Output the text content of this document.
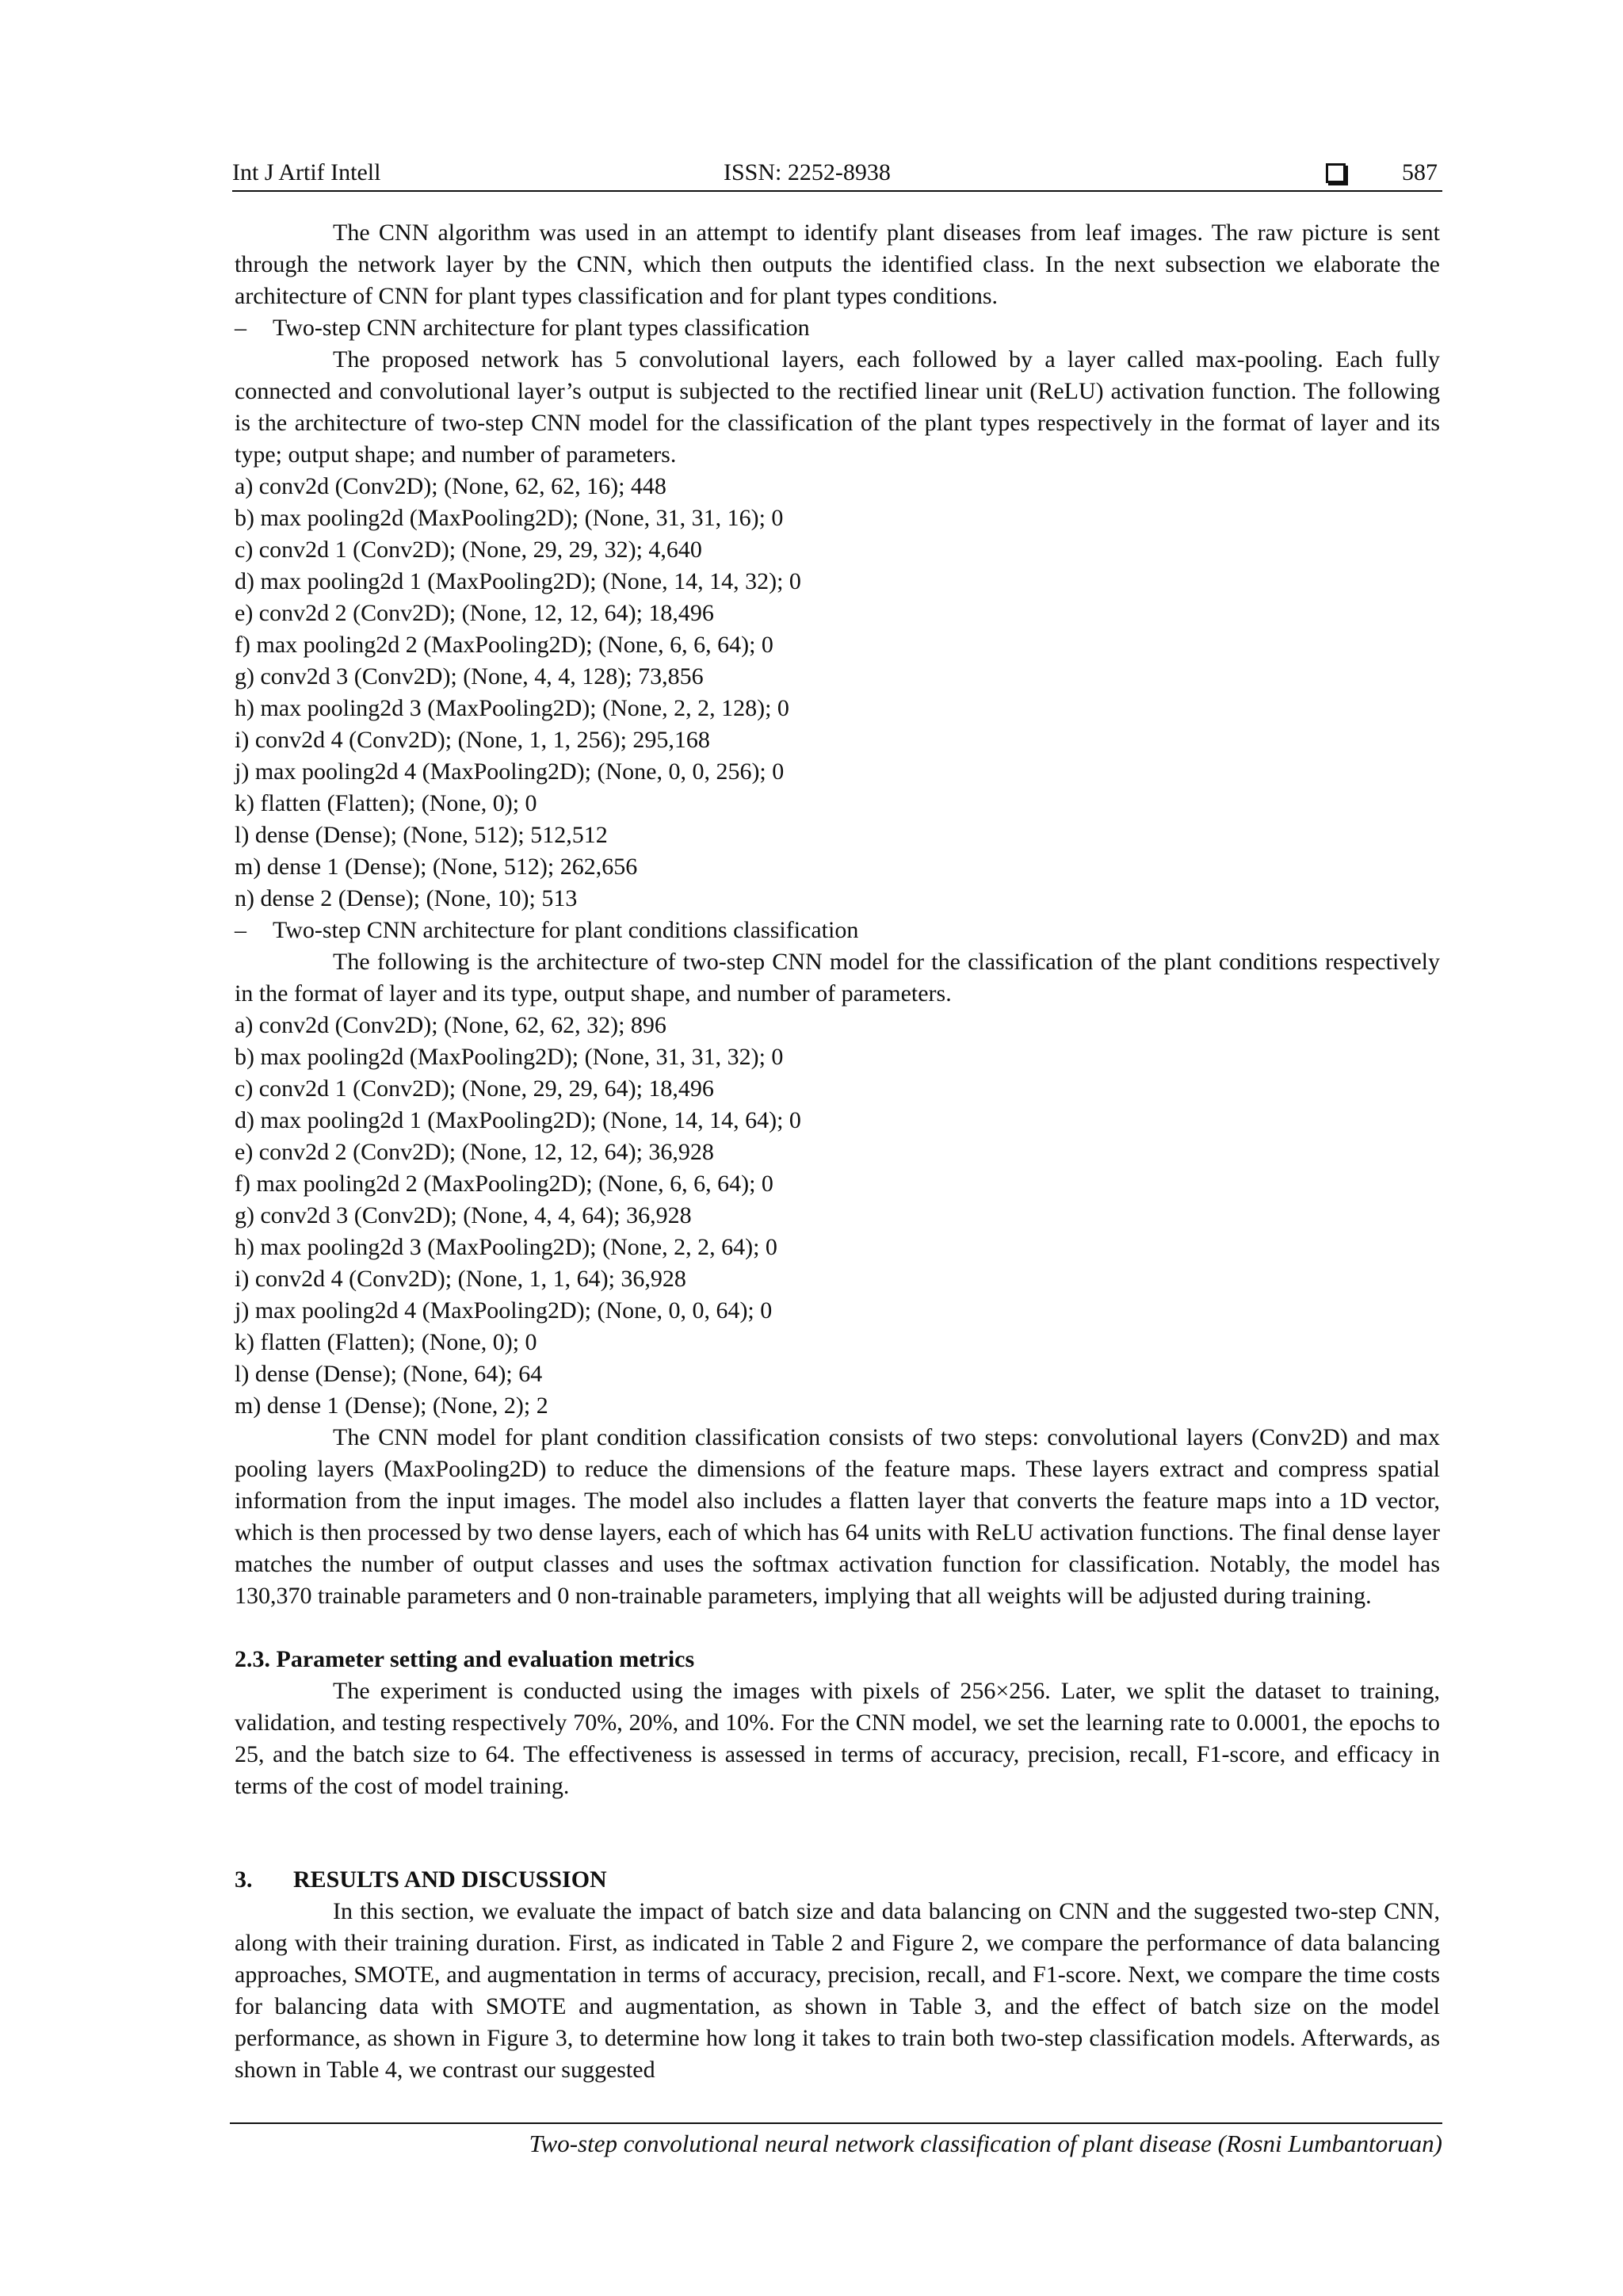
Int J Artif Intell	ISSN: 2252-8938	587

The CNN algorithm was used in an attempt to identify plant diseases from leaf images. The raw picture is sent through the network layer by the CNN, which then outputs the identified class. In the next subsection we elaborate the architecture of CNN for plant types classification and for plant types conditions.

– Two-step CNN architecture for plant types classification

The proposed network has 5 convolutional layers, each followed by a layer called max-pooling. Each fully connected and convolutional layer’s output is subjected to the rectified linear unit (ReLU) activation function. The following is the architecture of two-step CNN model for the classification of the plant types respectively in the format of layer and its type; output shape; and number of parameters.

a) conv2d (Conv2D); (None, 62, 62, 16); 448

b) max pooling2d (MaxPooling2D); (None, 31, 31, 16); 0

c) conv2d 1 (Conv2D); (None, 29, 29, 32); 4,640

d) max pooling2d 1 (MaxPooling2D); (None, 14, 14, 32); 0

e) conv2d 2 (Conv2D); (None, 12, 12, 64); 18,496

f) max pooling2d 2 (MaxPooling2D); (None, 6, 6, 64); 0

g) conv2d 3 (Conv2D); (None, 4, 4, 128); 73,856

h) max pooling2d 3 (MaxPooling2D); (None, 2, 2, 128); 0

i) conv2d 4 (Conv2D); (None, 1, 1, 256); 295,168

j) max pooling2d 4 (MaxPooling2D); (None, 0, 0, 256); 0

k) flatten (Flatten); (None, 0); 0

l) dense (Dense); (None, 512); 512,512

m) dense 1 (Dense); (None, 512); 262,656

n) dense 2 (Dense); (None, 10); 513

– Two-step CNN architecture for plant conditions classification

The following is the architecture of two-step CNN model for the classification of the plant conditions respectively in the format of layer and its type, output shape, and number of parameters.

a) conv2d (Conv2D); (None, 62, 62, 32); 896

b) max pooling2d (MaxPooling2D); (None, 31, 31, 32); 0

c) conv2d 1 (Conv2D); (None, 29, 29, 64); 18,496

d) max pooling2d 1 (MaxPooling2D); (None, 14, 14, 64); 0

e) conv2d 2 (Conv2D); (None, 12, 12, 64); 36,928

f) max pooling2d 2 (MaxPooling2D); (None, 6, 6, 64); 0

g) conv2d 3 (Conv2D); (None, 4, 4, 64); 36,928

h) max pooling2d 3 (MaxPooling2D); (None, 2, 2, 64); 0

i) conv2d 4 (Conv2D); (None, 1, 1, 64); 36,928

j) max pooling2d 4 (MaxPooling2D); (None, 0, 0, 64); 0

k) flatten (Flatten); (None, 0); 0

l) dense (Dense); (None, 64); 64

m) dense 1 (Dense); (None, 2); 2

The CNN model for plant condition classification consists of two steps: convolutional layers (Conv2D) and max pooling layers (MaxPooling2D) to reduce the dimensions of the feature maps. These layers extract and compress spatial information from the input images. The model also includes a flatten layer that converts the feature maps into a 1D vector, which is then processed by two dense layers, each of which has 64 units with ReLU activation functions. The final dense layer matches the number of output classes and uses the softmax activation function for classification. Notably, the model has 130,370 trainable parameters and 0 non-trainable parameters, implying that all weights will be adjusted during training.

2.3. Parameter setting and evaluation metrics

The experiment is conducted using the images with pixels of 256×256. Later, we split the dataset to training, validation, and testing respectively 70%, 20%, and 10%. For the CNN model, we set the learning rate to 0.0001, the epochs to 25, and the batch size to 64. The effectiveness is assessed in terms of accuracy, precision, recall, F1-score, and efficacy in terms of the cost of model training.

3. RESULTS AND DISCUSSION

In this section, we evaluate the impact of batch size and data balancing on CNN and the suggested two-step CNN, along with their training duration. First, as indicated in Table 2 and Figure 2, we compare the performance of data balancing approaches, SMOTE, and augmentation in terms of accuracy, precision, recall, and F1-score. Next, we compare the time costs for balancing data with SMOTE and augmentation, as shown in Table 3, and the effect of batch size on the model performance, as shown in Figure 3, to determine how long it takes to train both two-step classification models. Afterwards, as shown in Table 4, we contrast our suggested

Two-step convolutional neural network classification of plant disease (Rosni Lumbantoruan)
